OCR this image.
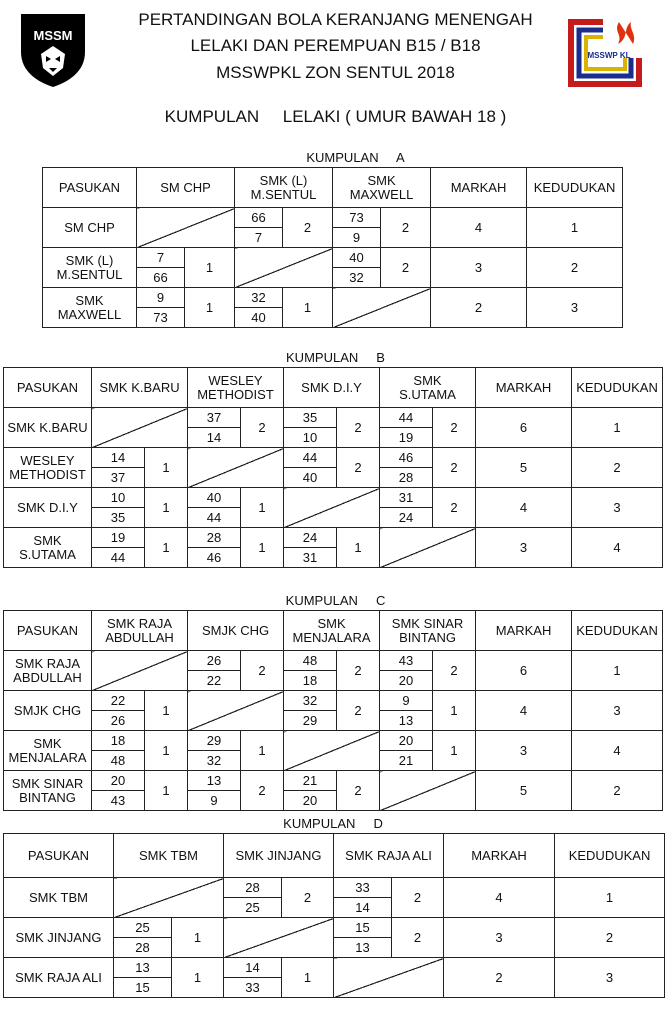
MSSM
MSSWP KL
PERTANDINGAN BOLA KERANJANG MENENGAH
LELAKI DAN PEREMPUAN B15 / B18
MSSWPKL ZON SENTUL 2018
KUMPULAN     LELAKI ( UMUR BAWAH 18 )
KUMPULAN     A
PASUKAN	SM CHP		SMK (L)
M.SENTUL		SMK
MAXWELL		MARKAH	KEDUDUKAN

SM CHP			66	2	73	2	4	1
			7		9			

SMK (L)
M.SENTUL	7	1			40	2	3	2
	66				32			

SMK
MAXWELL	9	1	32	1			2	3
	73		40					
KUMPULAN     B
PASUKAN	SMK K.BARU		WESLEY
METHODIST		SMK D.I.Y		SMK
S.UTAMA		MARKAH	KEDUDUKAN

SMK K.BARU			37	2	35	2	44	2	6	1
			14		10		19			

WESLEY
METHODIST	14	1			44	2	46	2	5	2
	37				40		28			

SMK D.I.Y	10	1	40	1			31	2	4	3
	35		44				24			

SMK
S.UTAMA	19	1	28	1	24	1			3	4
	44		46		31					
KUMPULAN     C
PASUKAN	SMK RAJA
ABDULLAH		SMJK CHG		SMK
MENJALARA		SMK SINAR
BINTANG		MARKAH	KEDUDUKAN

SMK RAJA
ABDULLAH			26	2	48	2	43	2	6	1
			22		18		20			

SMJK CHG	22	1			32	2	9	1	4	3
	26				29		13			

SMK
MENJALARA	18	1	29	1			20	1	3	4
	48		32				21			

SMK SINAR
BINTANG	20	1	13	2	21	2			5	2
	43		9		20					
KUMPULAN     D
PASUKAN	SMK TBM		SMK JINJANG		SMK RAJA ALI		MARKAH	KEDUDUKAN

SMK TBM			28	2	33	2	4	1
			25		14			

SMK JINJANG	25	1			15	2	3	2
	28				13			

SMK RAJA ALI	13	1	14	1			2	3
	15		33					
